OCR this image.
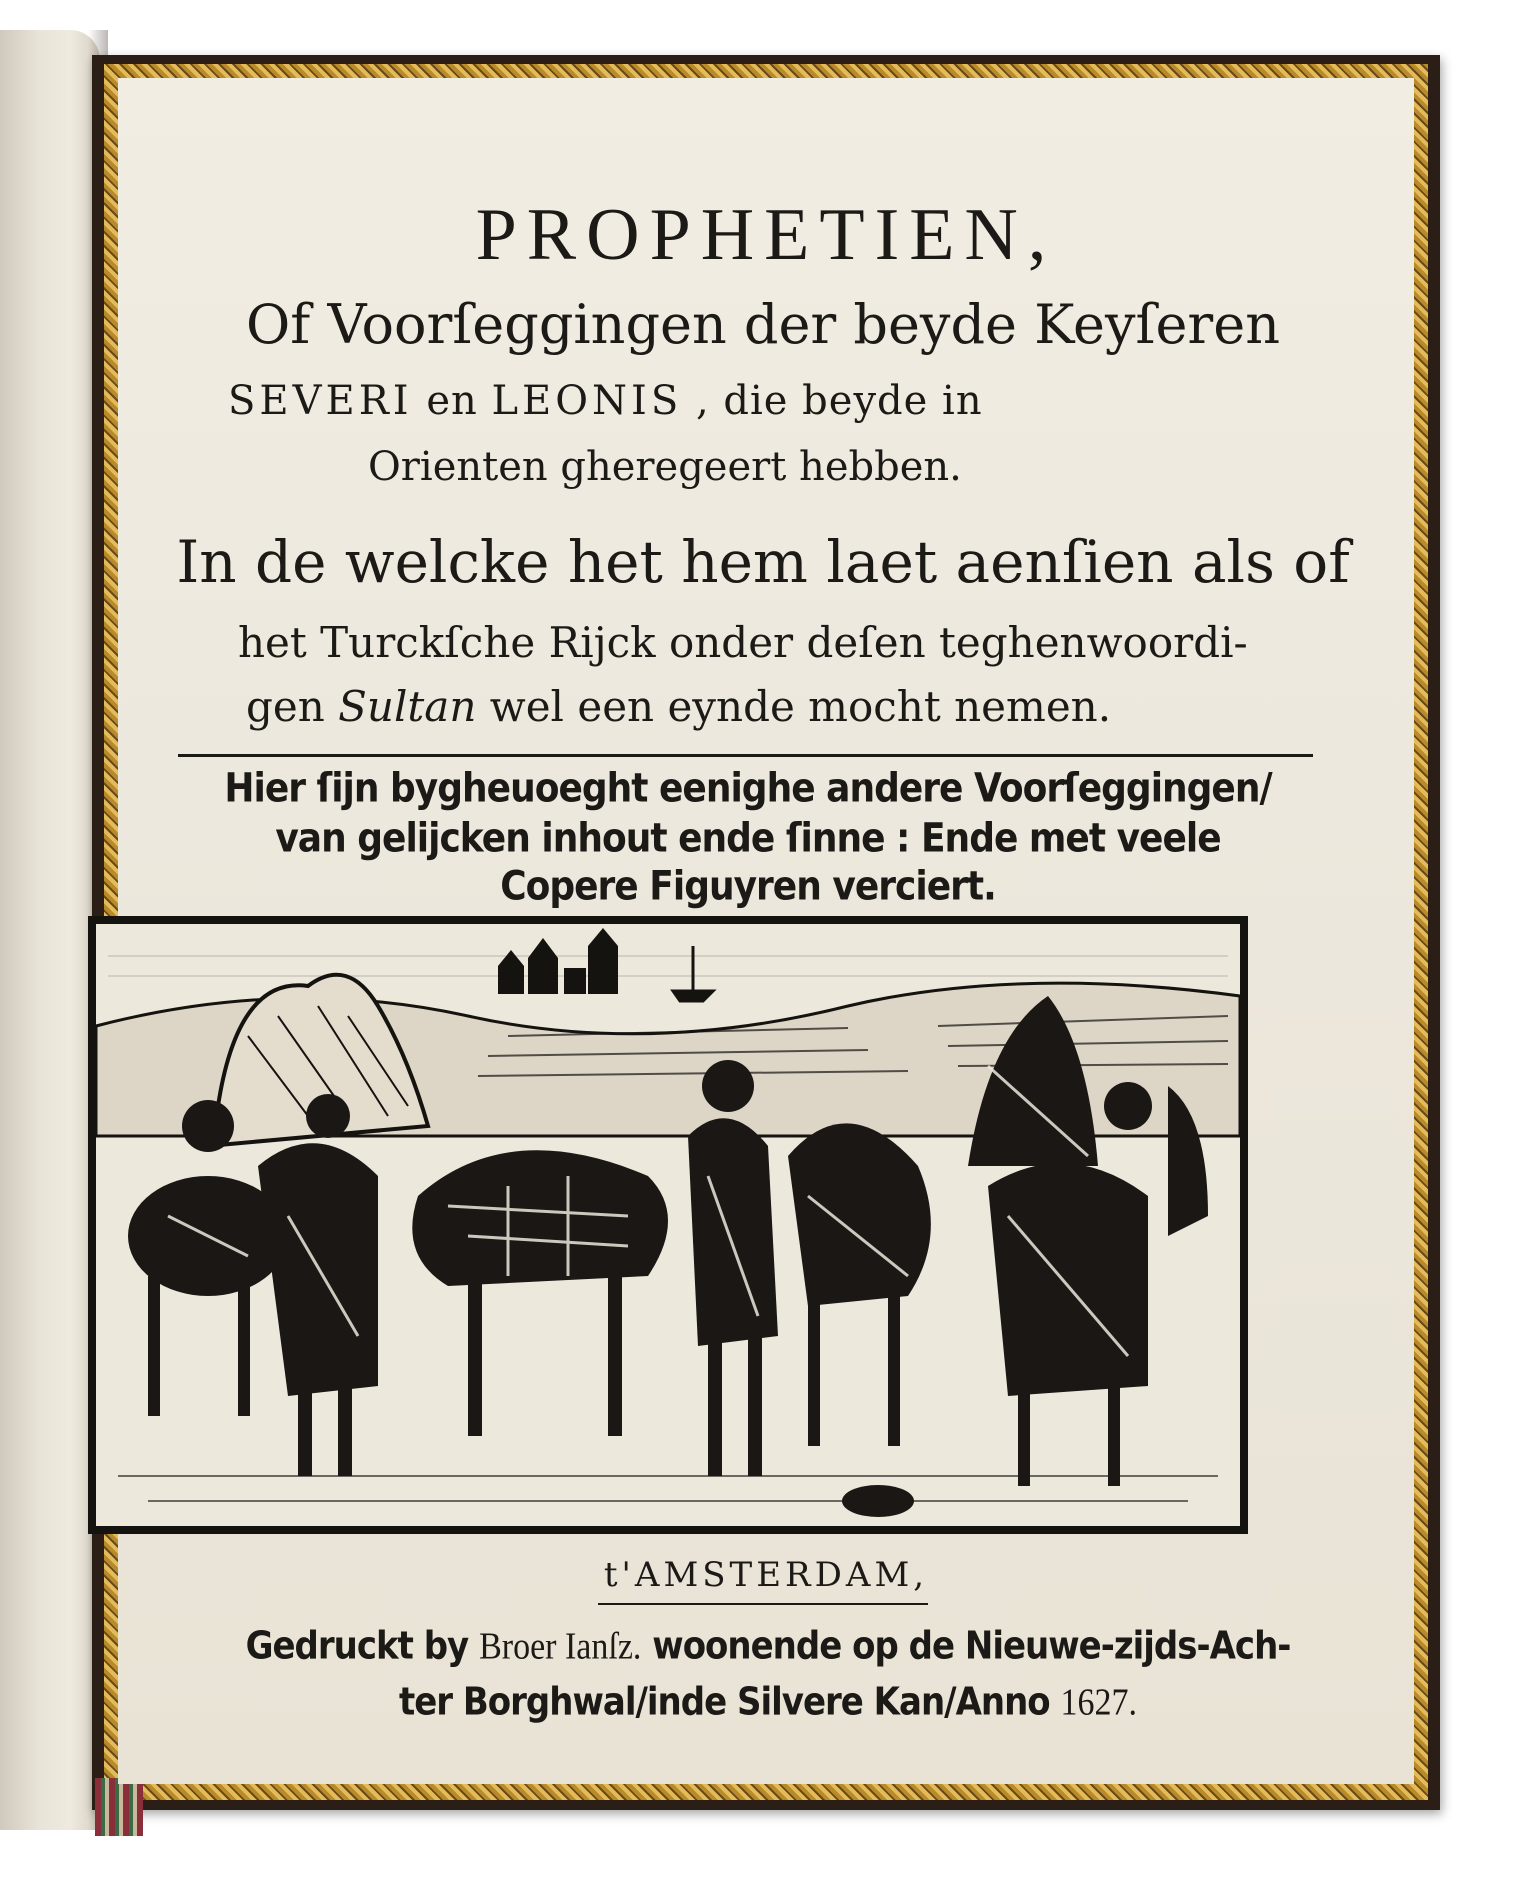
PROPHETIEN,
Of Voorſeggingen der beyde Keyſeren
SEVERI en LEONIS , die beyde in
Orienten gheregeert hebben.
In de welcke het hem laet aenſien als of
het Turckſche Rijck onder deſen teghenwoordi-
gen Sultan wel een eynde mocht nemen.
Hier ſijn bygheuoeght eenighe andere Voorſeggingen/
van gelijcken inhout ende ſinne : Ende met veele
Copere Figuyren verciert.
t'AMSTERDAM,
Gedruckt by Broer Ianſz. woonende op de Nieuwe-zijds-Ach-
ter Borghwal/inde Silvere Kan/Anno 1627.
